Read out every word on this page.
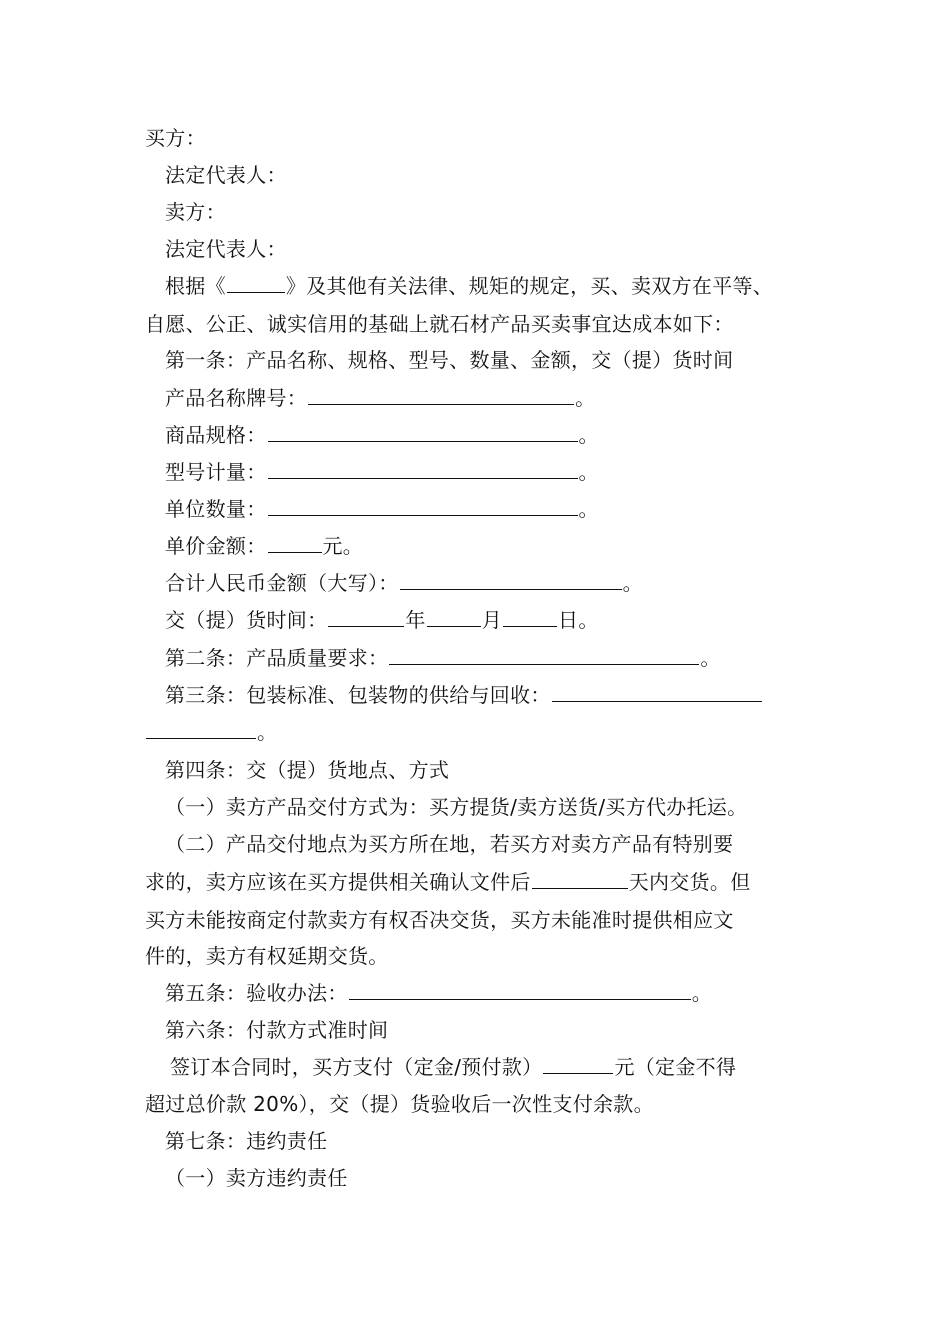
买方：
法定代表人：
卖方：
法定代表人：
根据《	》及其他有关法律、规矩的规定，买、卖双方在平等、
自愿、公正、诚实信用的基础上就石材产品买卖事宜达成本如下：
第一条：产品名称、规格、型号、数量、金额，交（提）货时间
产品名称牌号：	。
商品规格：	。
型号计量：	。
单位数量：	。
单价金额：	元。
合计人民币金额（大写）：	。
交（提）货时间：	年	月	日。
第二条：产品质量要求：	。
第三条：包装标准、包装物的供给与回收：
。
第四条：交（提）货地点、方式
（一）卖方产品交付方式为：买方提货/卖方送货/买方代办托运。
（二）产品交付地点为买方所在地，若买方对卖方产品有特别要
求的，卖方应该在买方提供相关确认文件后	天内交货。但
买方未能按商定付款卖方有权否决交货，买方未能准时提供相应文
件的，卖方有权延期交货。
第五条：验收办法：	。
第六条：付款方式准时间
签订本合同时，买方支付（定金/预付款）	元（定金不得
超过总价款 20%），交（提）货验收后一次性支付余款。
第七条：违约责任
（一）卖方违约责任
